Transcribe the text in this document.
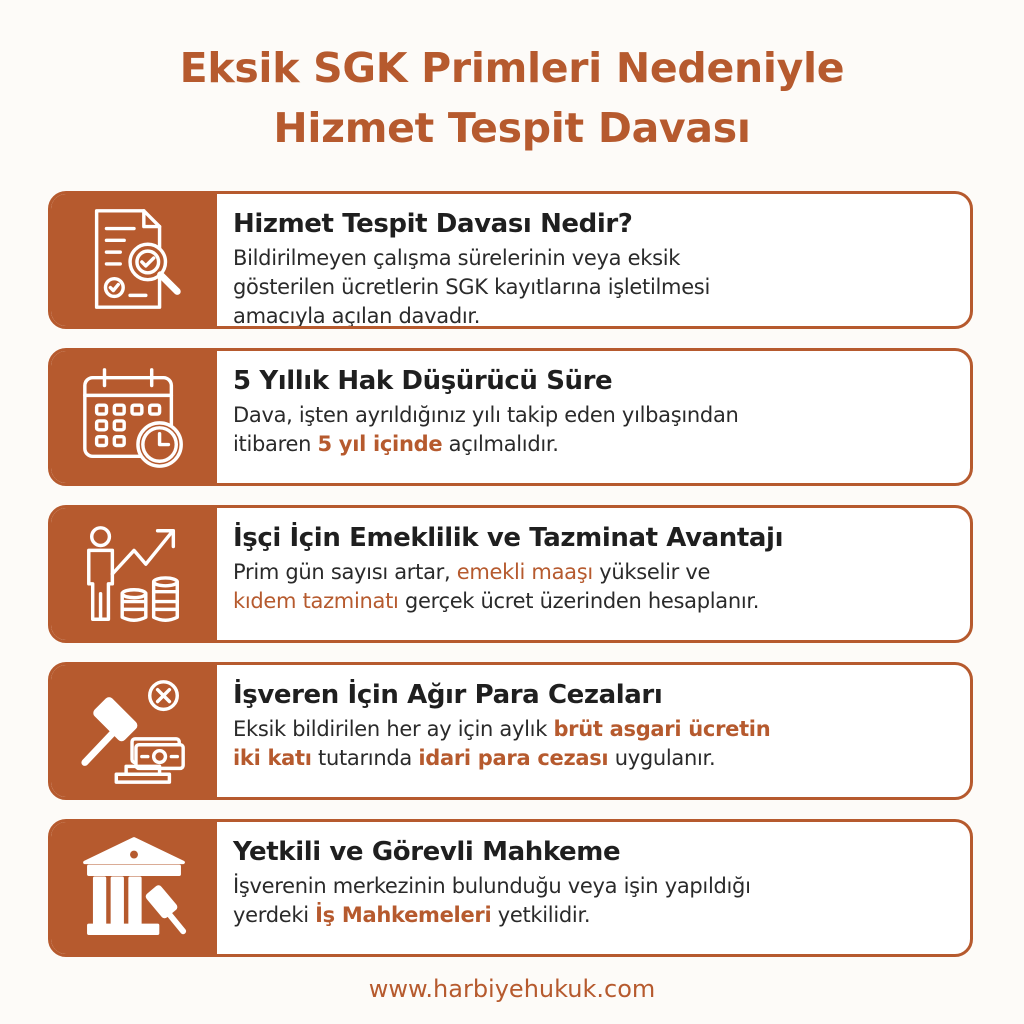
Eksik SGK Primleri Nedeniyle
Hizmet Tespit Davası
Hizmet Tespit Davası Nedir?

Bildirilmeyen çalışma sürelerinin veya eksik
gösterilen ücretlerin SGK kayıtlarına işletilmesi
amacıyla açılan davadır.

5 Yıllık Hak Düşürücü Süre

Dava, işten ayrıldığınız yılı takip eden yılbaşından
itibaren 5 yıl içinde açılmalıdır.

İşçi İçin Emeklilik ve Tazminat Avantajı

Prim gün sayısı artar, emekli maaşı yükselir ve
kıdem tazminatı gerçek ücret üzerinden hesaplanır.

İşveren İçin Ağır Para Cezaları

Eksik bildirilen her ay için aylık brüt asgari ücretin
iki katı tutarında idari para cezası uygulanır.

Yetkili ve Görevli Mahkeme

İşverenin merkezinin bulunduğu veya işin yapıldığı
yerdeki İş Mahkemeleri yetkilidir.

www.harbiyehukuk.com
